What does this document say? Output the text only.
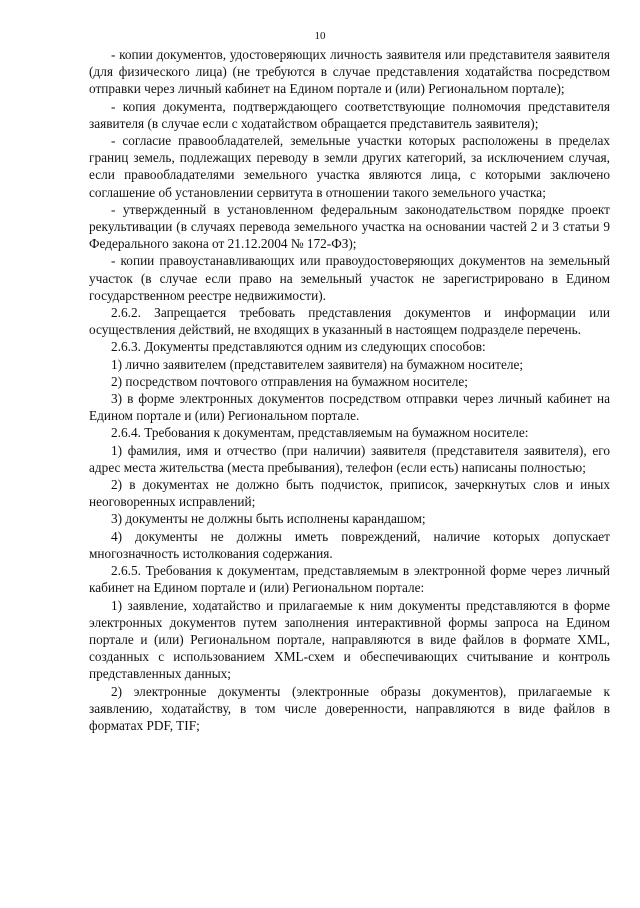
10

- копии документов, удостоверяющих личность заявителя или представителя заявителя (для физического лица) (не требуются в случае представления ходатайства посредством отправки через личный кабинет на Едином портале и (или) Региональном портале);

- копия документа, подтверждающего соответствующие полномочия представителя заявителя (в случае если с ходатайством обращается представитель заявителя);

- согласие правообладателей, земельные участки которых расположены в пределах границ земель, подлежащих переводу в земли других категорий, за исключением случая, если правообладателями земельного участка являются лица, с которыми заключено соглашение об установлении сервитута в отношении такого земельного участка;

- утвержденный в установленном федеральным законодательством порядке проект рекультивации (в случаях перевода земельного участка на основании частей 2 и 3 статьи 9 Федерального закона от 21.12.2004 № 172-ФЗ);

- копии правоустанавливающих или правоудостоверяющих документов на земельный участок (в случае если право на земельный участок не зарегистрировано в Едином государственном реестре недвижимости).

2.6.2. Запрещается требовать представления документов и информации или осуществления действий, не входящих в указанный в настоящем подразделе перечень.

2.6.3. Документы представляются одним из следующих способов:

1) лично заявителем (представителем заявителя) на бумажном носителе;

2) посредством почтового отправления на бумажном носителе;

3) в форме электронных документов посредством отправки через личный кабинет на Едином портале и (или) Региональном портале.

2.6.4. Требования к документам, представляемым на бумажном носителе:

1) фамилия, имя и отчество (при наличии) заявителя (представителя заявителя), его адрес места жительства (места пребывания), телефон (если есть) написаны полностью;

2) в документах не должно быть подчисток, приписок, зачеркнутых слов и иных неоговоренных исправлений;

3) документы не должны быть исполнены карандашом;

4) документы не должны иметь повреждений, наличие которых допускает многозначность истолкования содержания.

2.6.5. Требования к документам, представляемым в электронной форме через личный кабинет на Едином портале и (или) Региональном портале:

1) заявление, ходатайство и прилагаемые к ним документы представляются в форме электронных документов путем заполнения интерактивной формы запроса на Едином портале и (или) Региональном портале, направляются в виде файлов в формате XML, созданных с использованием XML-схем и обеспечивающих считывание и контроль представленных данных;

2) электронные документы (электронные образы документов), прилагаемые к заявлению, ходатайству, в том числе доверенности, направляются в виде файлов в форматах PDF, TIF;
